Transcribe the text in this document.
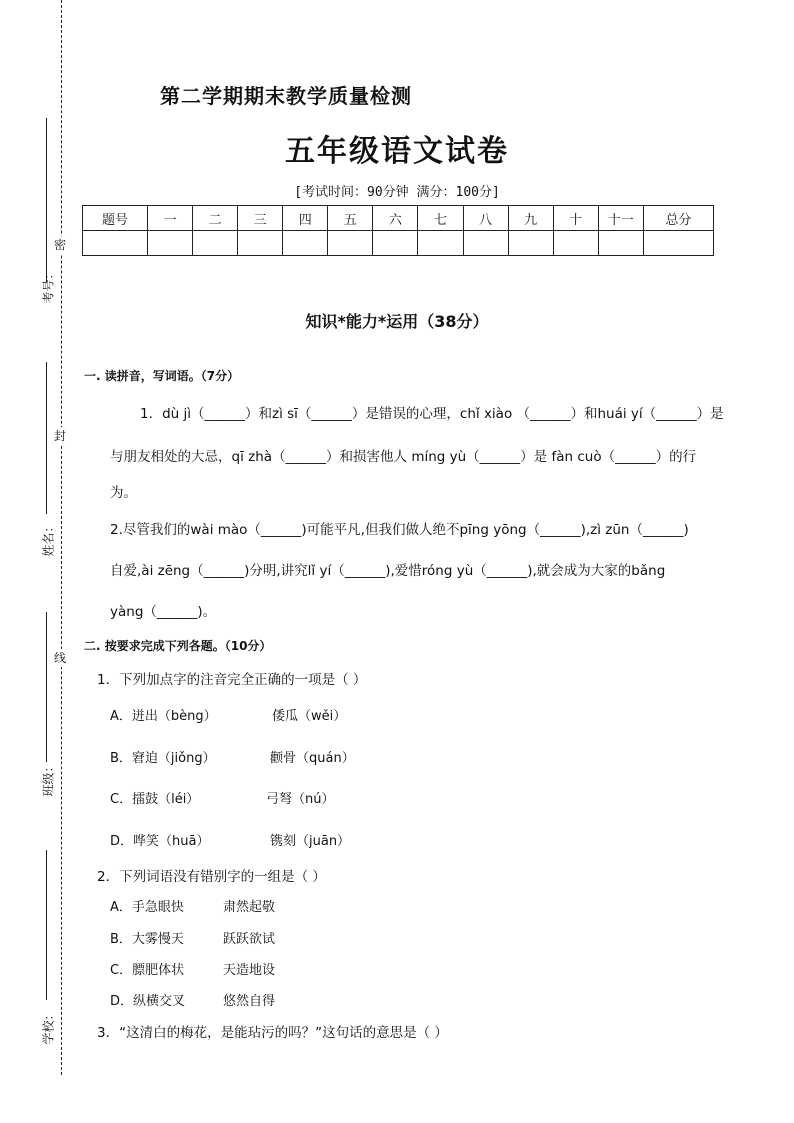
密
封
线
考号：
姓名：
班级：
学校：
第二学期期末教学质量检测
五年级语文试卷
[考试时间：90分钟 满分：100分]
题号	一	二	三	四	五	六	七	八	九	十	十一	总分

知识*能力*运用（38分）
一. 读拼音，写词语。（7分）
1．dù jì（______）和zì sī（______）是错误的心理，chǐ xiào （______）和huái yí（______）是
与朋友相处的大忌，qī zhà（______）和损害他人 míng yù（______）是 fàn cuò（______）的行
为。
2.尽管我们的wài mào（______)可能平凡,但我们做人绝不pīng yōng（______),zì zūn（______)
自爱,ài zēng（______)分明,讲究lǐ yí（______),爱惜róng yù（______),就会成为大家的bǎng
yàng（______)。
二. 按要求完成下列各题。（10分）
1．下列加点字的注音完全正确的一项是（ ）
A．迸出（bèng）	倭瓜（wěi）
B．窘迫（jiǒng）	颧骨（quán）
C．擂鼓（léi）	弓弩（nú）
D．哗笑（huā）	镌刻（juān）
2．下列词语没有错别字的一组是（ ）
A．手急眼快	肃然起敬
B．大雾慢天	跃跃欲试
C．膘肥体状	天造地设
D．纵横交叉	悠然自得
3．“这清白的梅花，是能玷污的吗？”这句话的意思是（ ）
